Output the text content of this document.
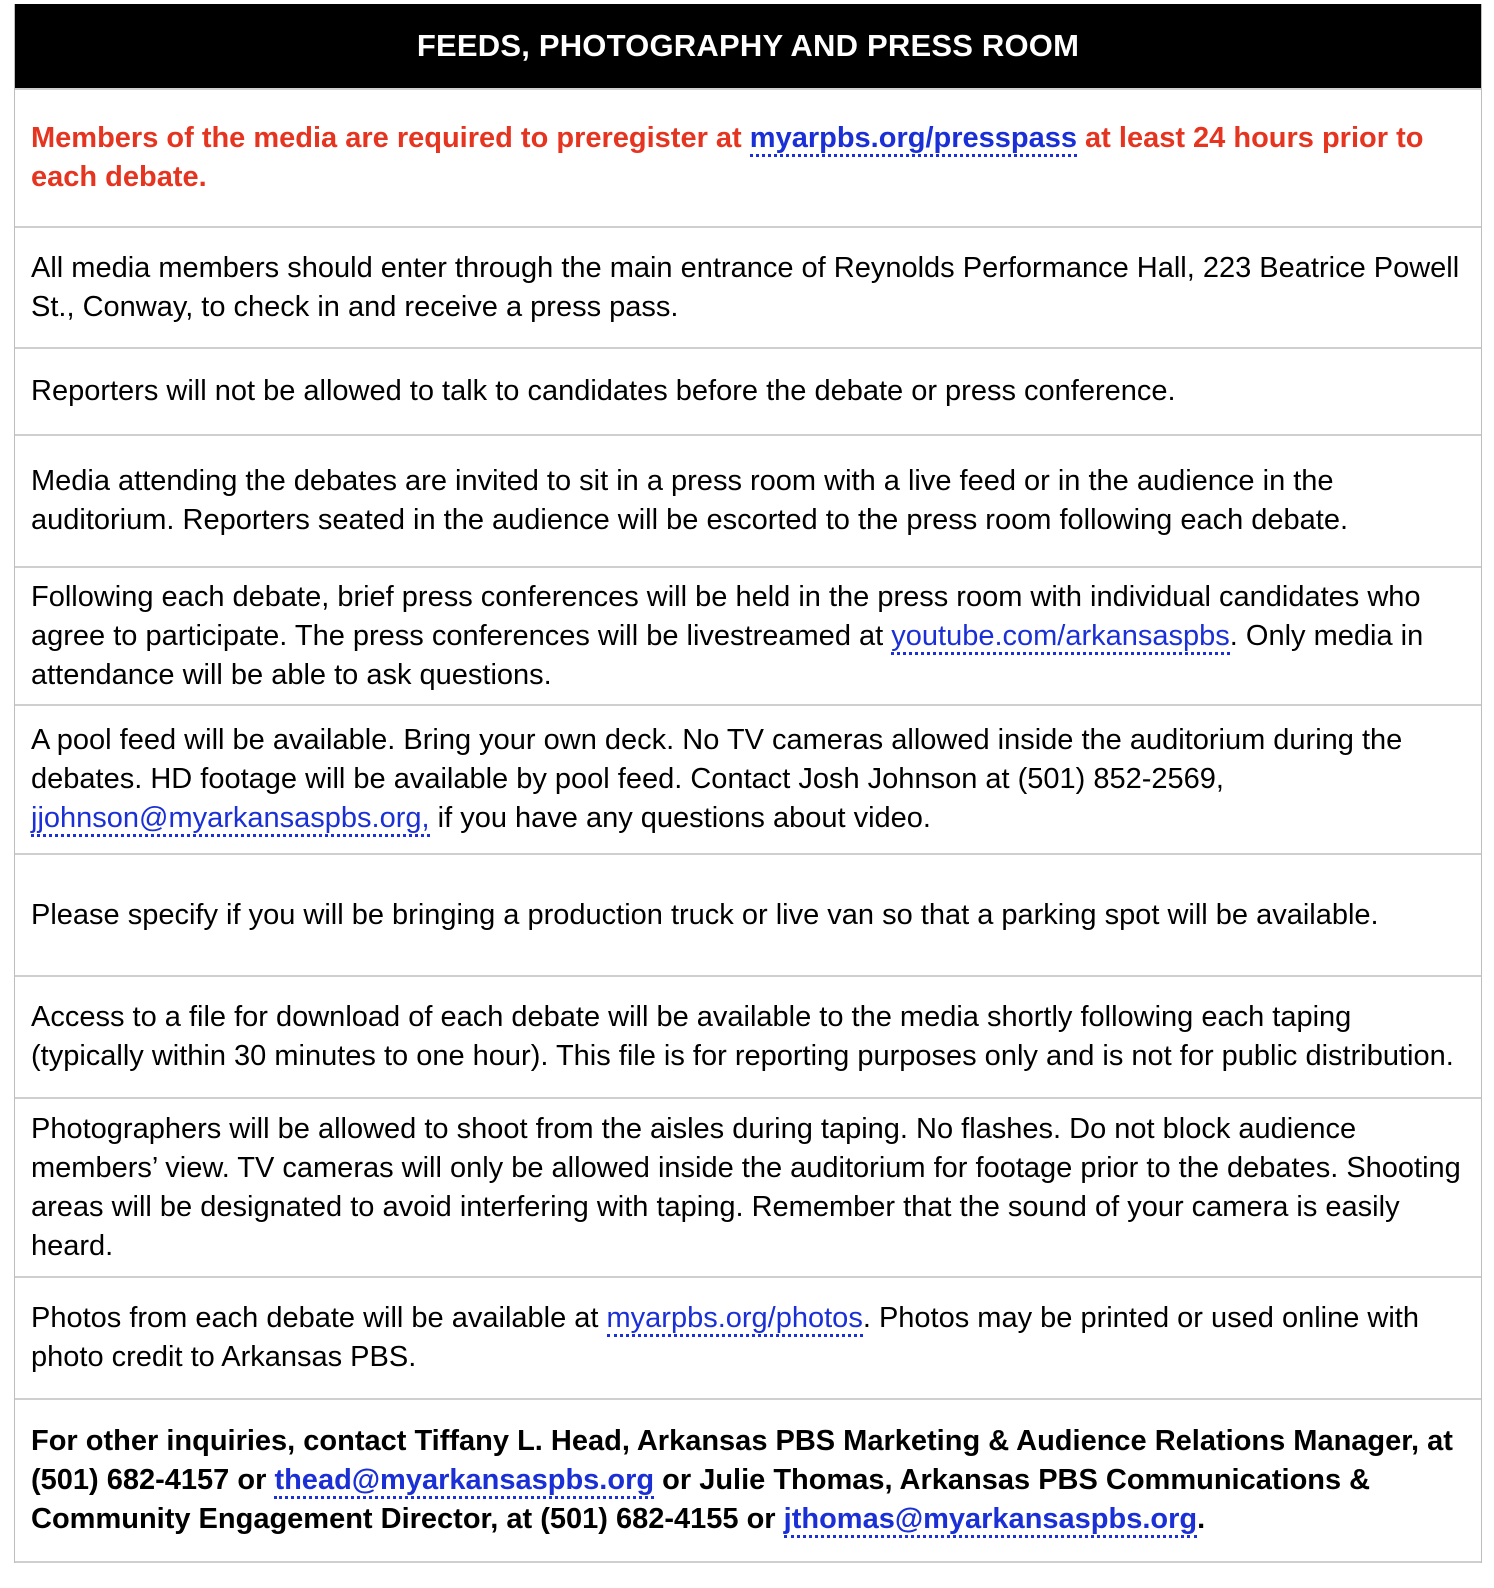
FEEDS, PHOTOGRAPHY AND PRESS ROOM

Members of the media are required to preregister at myarpbs.org/presspass at least 24 hours prior to each debate.

All media members should enter through the main entrance of Reynolds Performance Hall, 223 Beatrice Powell St., Conway, to check in and receive a press pass.

Reporters will not be allowed to talk to candidates before the debate or press conference.

Media attending the debates are invited to sit in a press room with a live feed or in the audience in the auditorium. Reporters seated in the audience will be escorted to the press room following each debate.

Following each debate, brief press conferences will be held in the press room with individual candidates who agree to participate. The press conferences will be livestreamed at youtube.com/arkansaspbs. Only media in attendance will be able to ask questions.

A pool feed will be available. Bring your own deck. No TV cameras allowed inside the auditorium during the debates. HD footage will be available by pool feed. Contact Josh Johnson at (501) 852-2569, jjohnson@myarkansaspbs.org, if you have any questions about video.

Please specify if you will be bringing a production truck or live van so that a parking spot will be available.

Access to a file for download of each debate will be available to the media shortly following each taping (typically within 30 minutes to one hour). This file is for reporting purposes only and is not for public distribution.

Photographers will be allowed to shoot from the aisles during taping. No flashes. Do not block audience members’ view. TV cameras will only be allowed inside the auditorium for footage prior to the debates. Shooting areas will be designated to avoid interfering with taping. Remember that the sound of your camera is easily heard.

Photos from each debate will be available at myarpbs.org/photos. Photos may be printed or used online with photo credit to Arkansas PBS.

For other inquiries, contact Tiffany L. Head, Arkansas PBS Marketing & Audience Relations Manager, at (501) 682-4157 or thead@myarkansaspbs.org or Julie Thomas, Arkansas PBS Communications & Community Engagement Director, at (501) 682-4155 or jthomas@myarkansaspbs.org.
